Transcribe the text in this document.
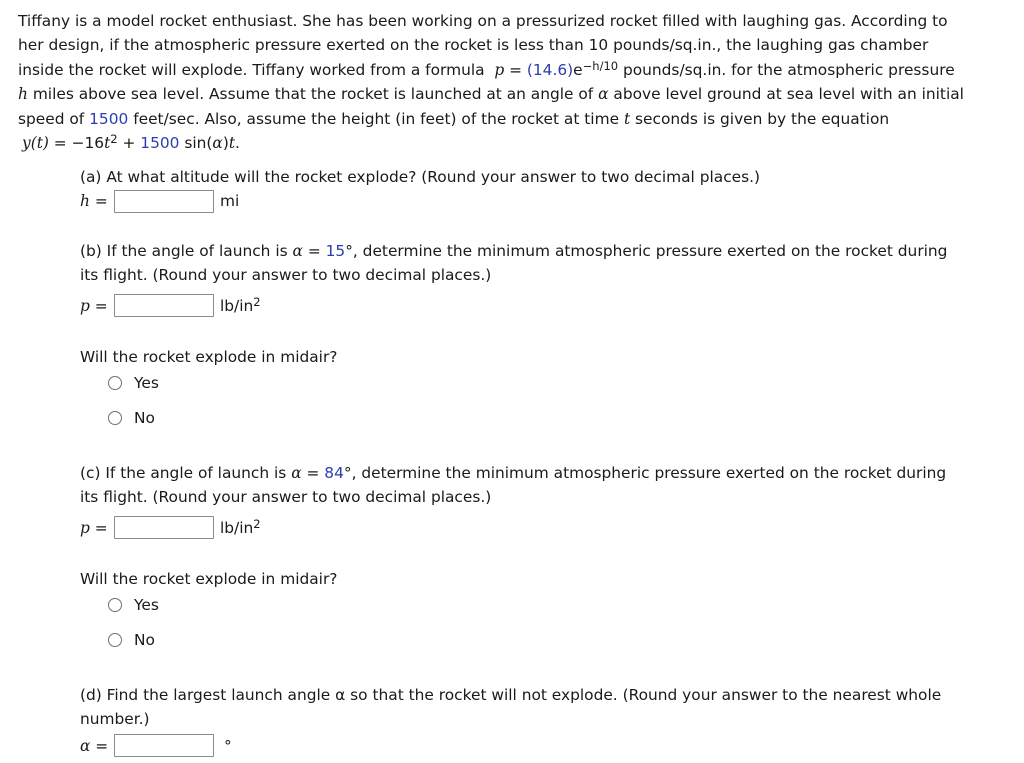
Tiffany is a model rocket enthusiast. She has been working on a pressurized rocket filled with laughing gas. According to

her design, if the atmospheric pressure exerted on the rocket is less than 10 pounds/sq.in., the laughing gas chamber

inside the rocket will explode. Tiffany worked from a formula $p = (14.6)e^{-h/10}$ pounds/sq.in. for the atmospheric pressure

h miles above sea level. Assume that the rocket is launched at an angle of α above level ground at sea level with an initial

speed of 1500 feet/sec. Also, assume the height (in feet) of the rocket at time t seconds is given by the equation

$y(t) = -16t^2 + 1500$ sin(α)t.

(a) At what altitude will the rocket explode? (Round your answer to two decimal places.)

h =	mi

(b) If the angle of launch is α = 15°, determine the minimum atmospheric pressure exerted on the rocket during

its flight. (Round your answer to two decimal places.)

p =	$lb/in^2$

Will the rocket explode in midair?

Yes
No

(c) If the angle of launch is α = 84°, determine the minimum atmospheric pressure exerted on the rocket during

its flight. (Round your answer to two decimal places.)

p =	$lb/in^2$

Will the rocket explode in midair?

Yes
No

(d) Find the largest launch angle α so that the rocket will not explode. (Round your answer to the nearest whole

number.)

α =	°
